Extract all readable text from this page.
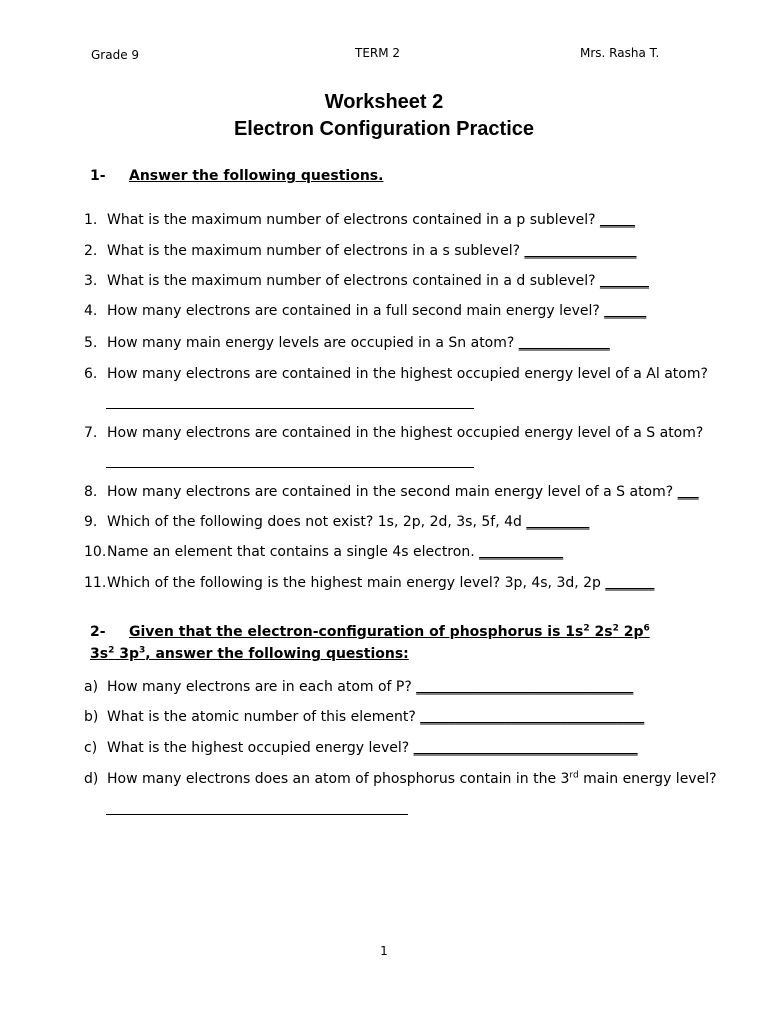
Grade 9	TERM 2	Mrs. Rasha T.
Worksheet 2
Electron Configuration Practice
1- Answer the following questions.
1. What is the maximum number of electrons contained in a p sublevel? _____
2. What is the maximum number of electrons in a s sublevel? ________________
3. What is the maximum number of electrons contained in a d sublevel? _______
4. How many electrons are contained in a full second main energy level? ______
5. How many main energy levels are occupied in a Sn atom? _____________
6. How many electrons are contained in the highest occupied energy level of a Al atom?
7. How many electrons are contained in the highest occupied energy level of a S atom?
8. How many electrons are contained in the second main energy level of a S atom? ___
9. Which of the following does not exist? 1s, 2p, 2d, 3s, 5f, 4d _________
10.Name an element that contains a single 4s electron. ____________
11.Which of the following is the highest main energy level? 3p, 4s, 3d, 2p _______
2- Given that the electron-configuration of phosphorus is $1s^2$ $2s^2$ $2p^6$ $3s^2$ $3p^3$, answer the following questions:
a) How many electrons are in each atom of P? _______________________________
b) What is the atomic number of this element? ________________________________
c) What is the highest occupied energy level? ________________________________
d) How many electrons does an atom of phosphorus contain in the 3rd main energy level?
1
